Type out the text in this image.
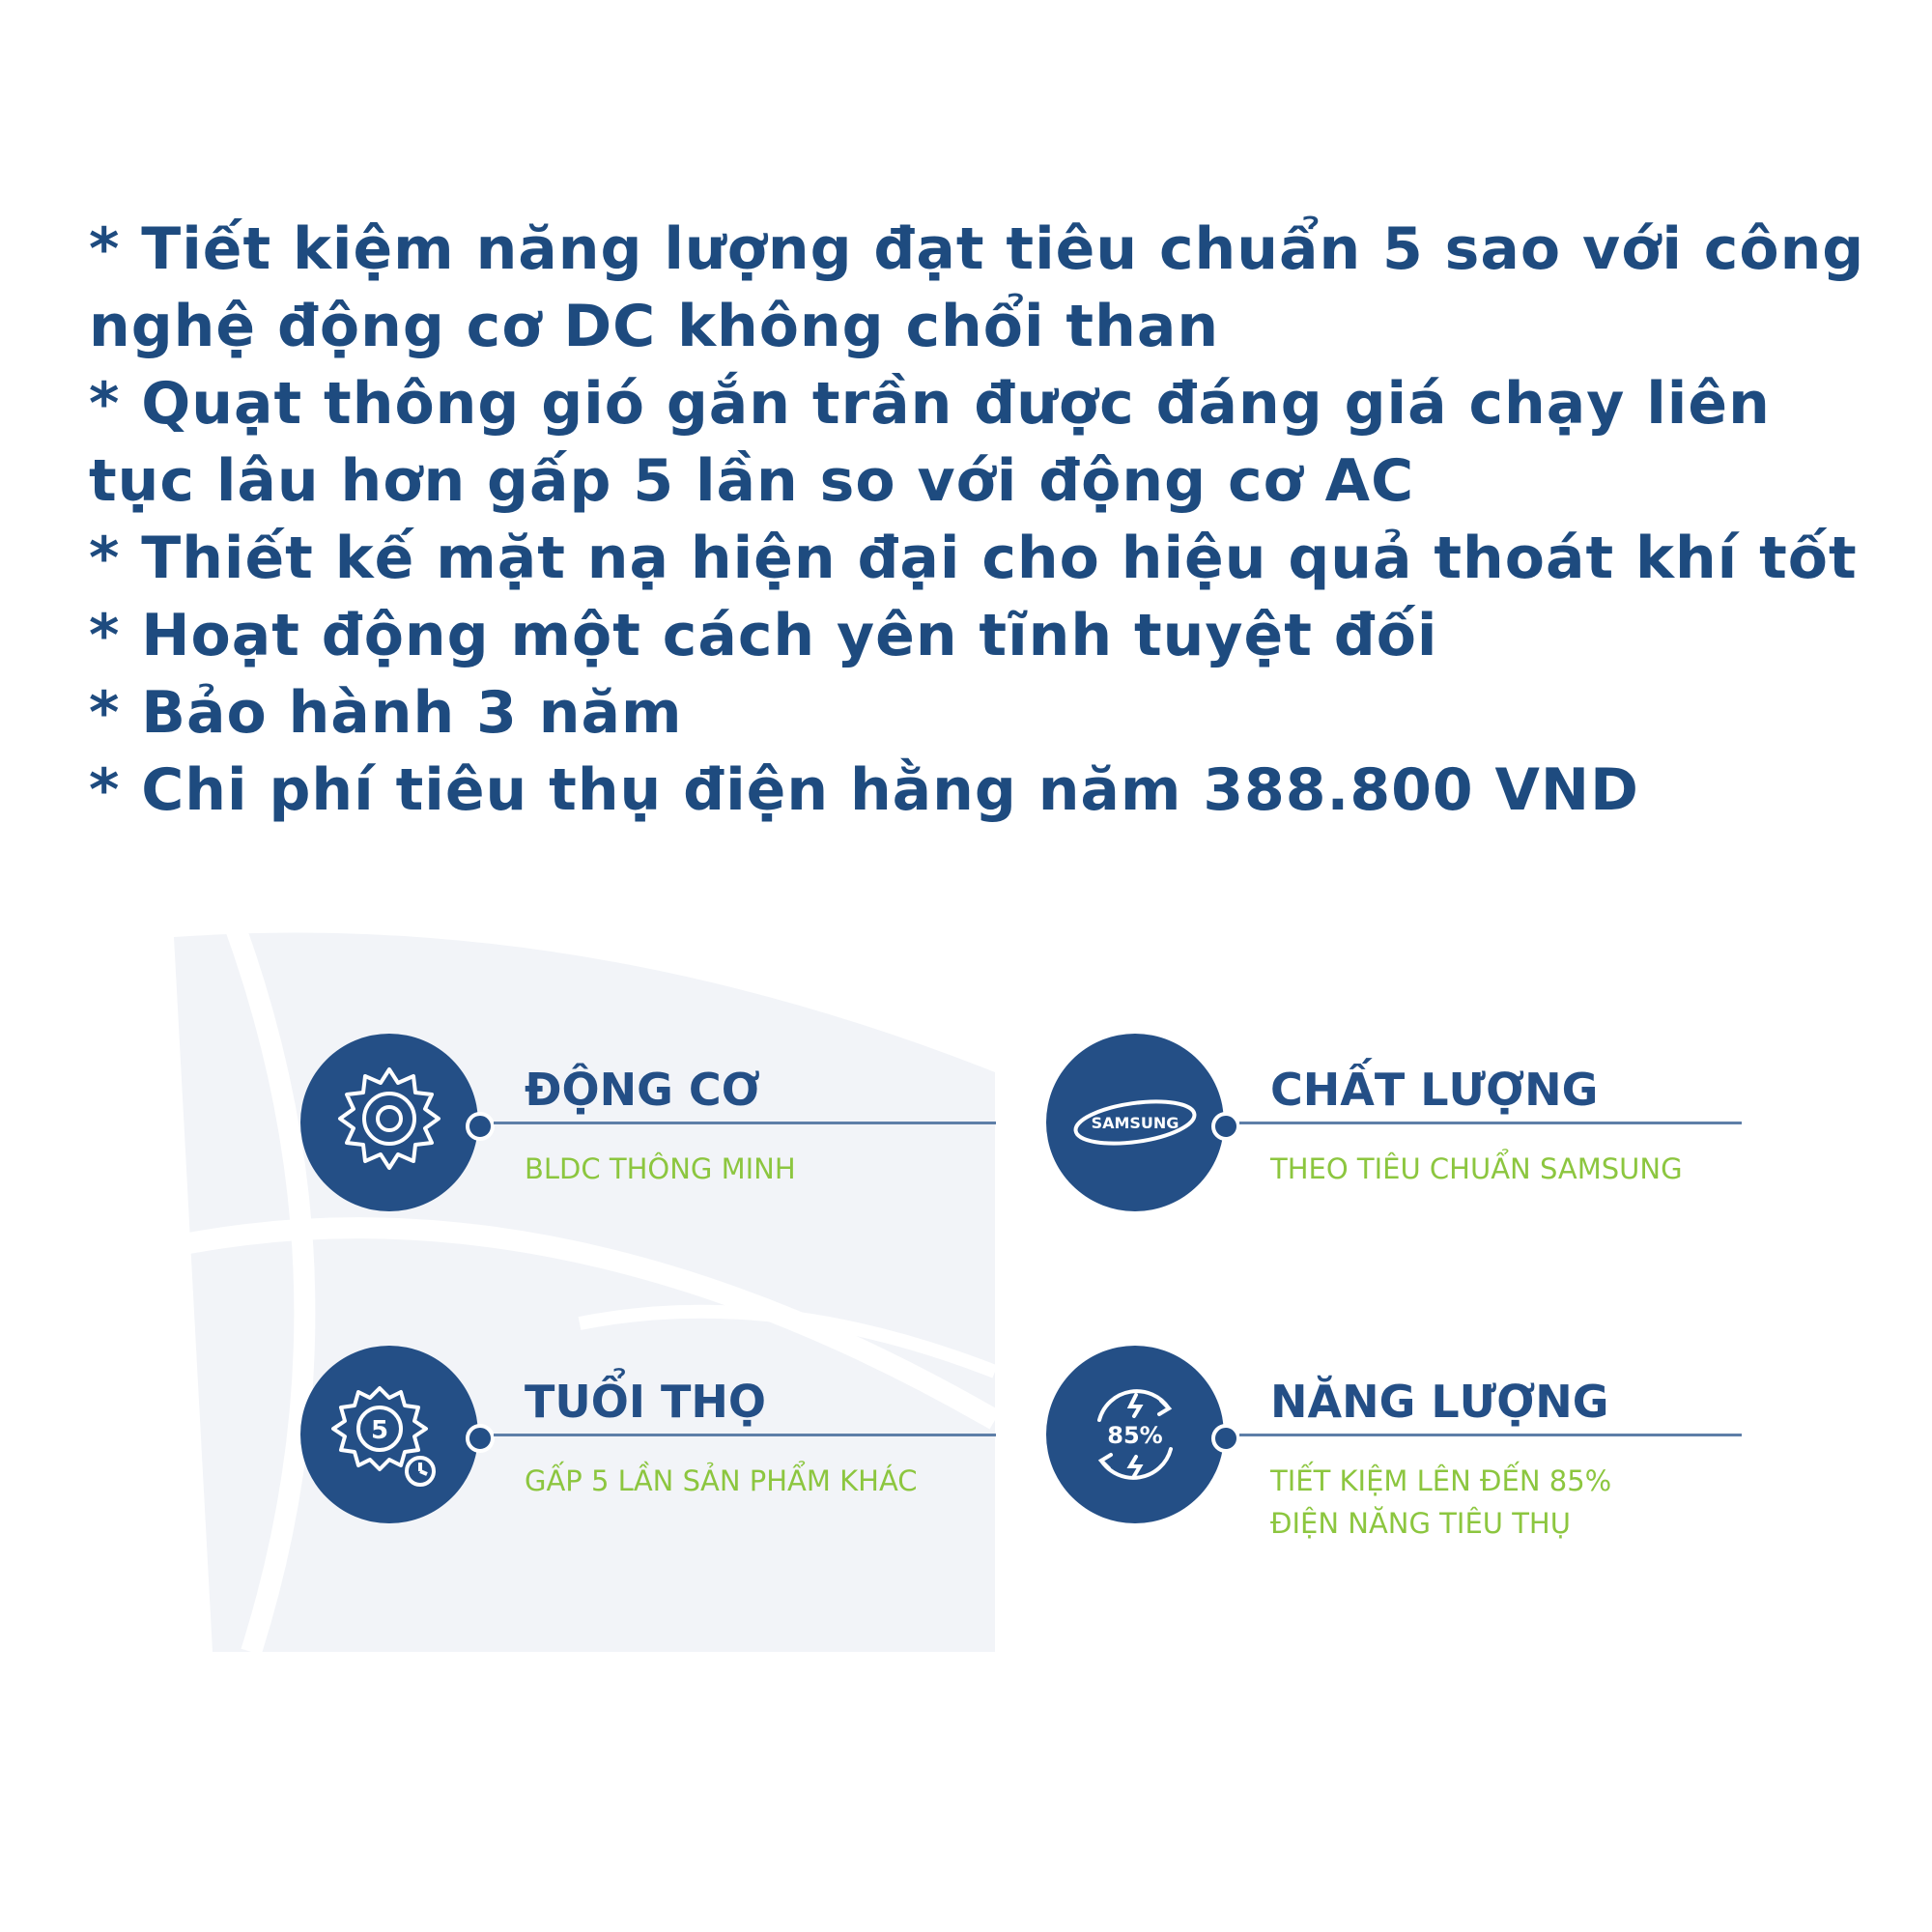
* Tiết kiệm năng lượng đạt tiêu chuẩn 5 sao với công nghệ động cơ DC không chổi than
* Quạt thông gió gắn trần được đáng giá chạy liên tục lâu hơn gấp 5 lần so với động cơ AC
* Thiết kế mặt nạ hiện đại cho hiệu quả thoát khí tốt
* Hoạt động một cách yên tĩnh tuyệt đối
* Bảo hành 3 năm
* Chi phí tiêu thụ điện hằng năm 388.800 VND
ĐỘNG CƠ
BLDC THÔNG MINH
SAMSUNG
CHẤT LƯỢNG
THEO TIÊU CHUẨN SAMSUNG
5
TUỔI THỌ
GẤP 5 LẦN SẢN PHẨM KHÁC
85%
NĂNG LƯỢNG
TIẾT KIỆM LÊN ĐẾN 85%
ĐIỆN NĂNG TIÊU THỤ
